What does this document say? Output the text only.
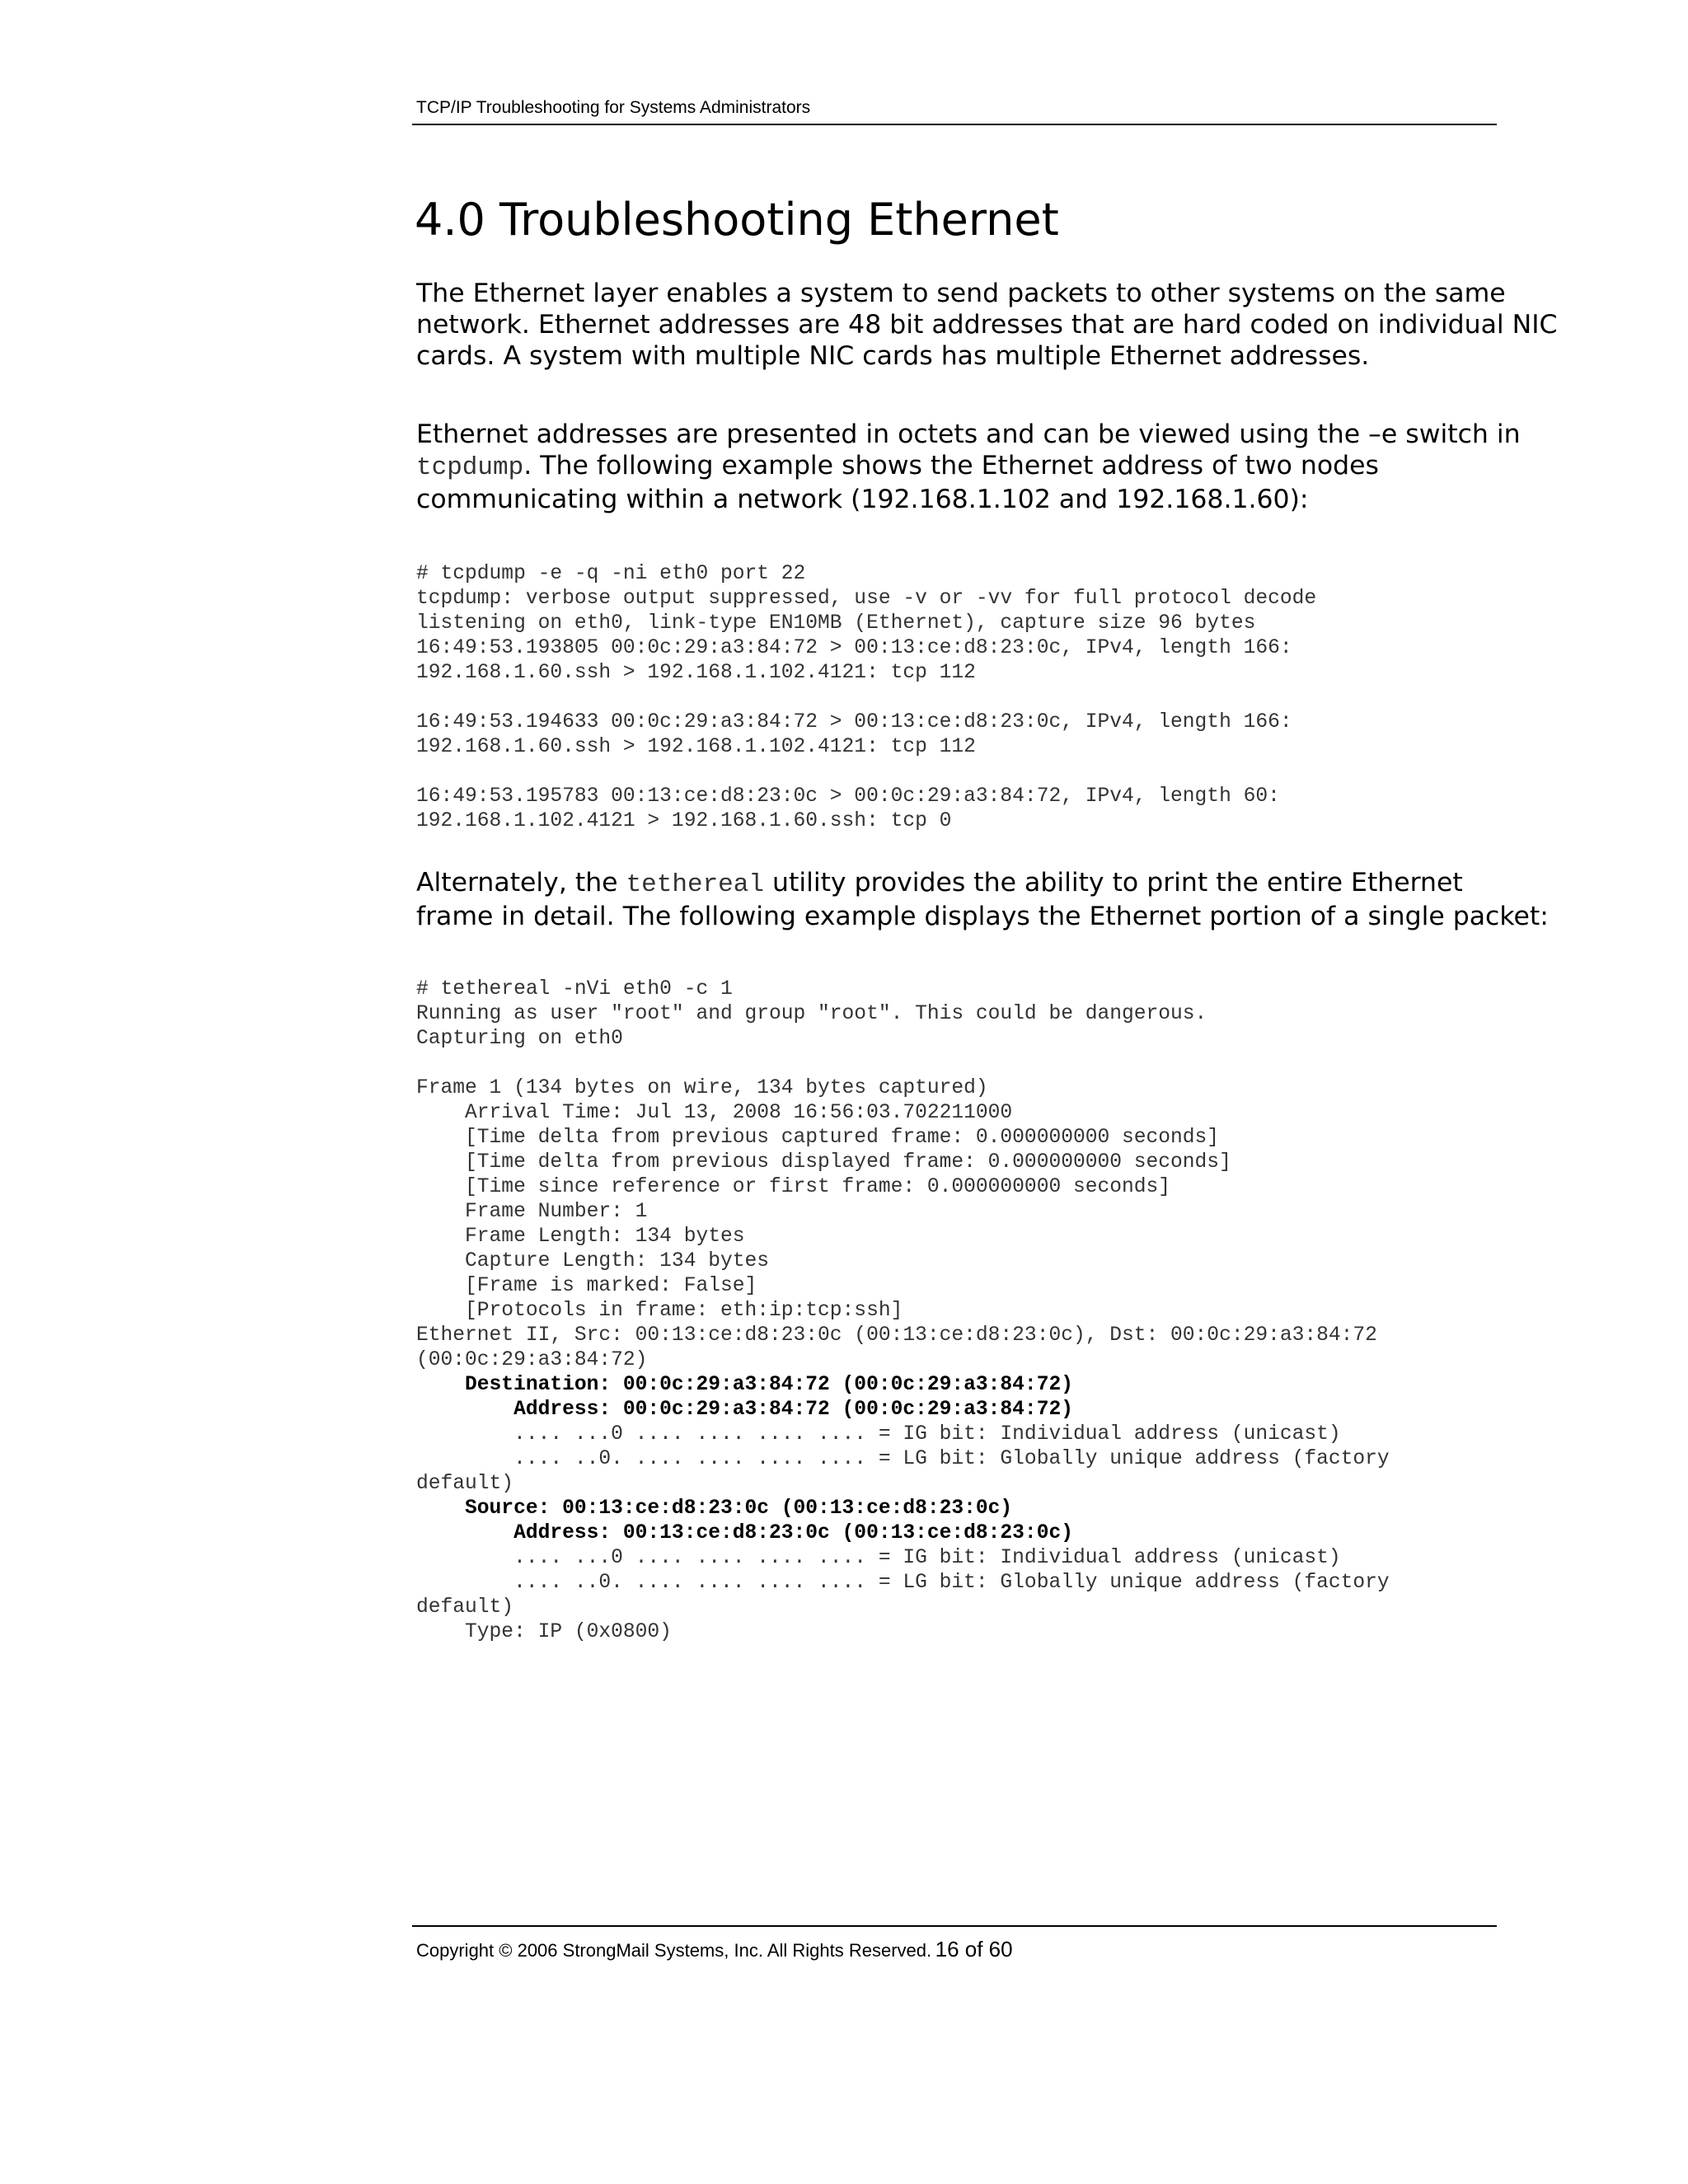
TCP/IP Troubleshooting for Systems Administrators
4.0 Troubleshooting Ethernet

The Ethernet layer enables a system to send packets to other systems on the same
network. Ethernet addresses are 48 bit addresses that are hard coded on individual NIC
cards. A system with multiple NIC cards has multiple Ethernet addresses.

Ethernet addresses are presented in octets and can be viewed using the –e switch in
tcpdump. The following example shows the Ethernet address of two nodes
communicating within a network (192.168.1.102 and 192.168.1.60):

# tcpdump -e -q -ni eth0 port 22
tcpdump: verbose output suppressed, use -v or -vv for full protocol decode
listening on eth0, link-type EN10MB (Ethernet), capture size 96 bytes
16:49:53.193805 00:0c:29:a3:84:72 > 00:13:ce:d8:23:0c, IPv4, length 166:
192.168.1.60.ssh > 192.168.1.102.4121: tcp 112
16:49:53.194633 00:0c:29:a3:84:72 > 00:13:ce:d8:23:0c, IPv4, length 166:
192.168.1.60.ssh > 192.168.1.102.4121: tcp 112
16:49:53.195783 00:13:ce:d8:23:0c > 00:0c:29:a3:84:72, IPv4, length 60:
192.168.1.102.4121 > 192.168.1.60.ssh: tcp 0

Alternately, the tethereal utility provides the ability to print the entire Ethernet
frame in detail. The following example displays the Ethernet portion of a single packet:

# tethereal -nVi eth0 -c 1
Running as user "root" and group "root". This could be dangerous.
Capturing on eth0
Frame 1 (134 bytes on wire, 134 bytes captured)
Arrival Time: Jul 13, 2008 16:56:03.702211000
[Time delta from previous captured frame: 0.000000000 seconds]
[Time delta from previous displayed frame: 0.000000000 seconds]
[Time since reference or first frame: 0.000000000 seconds]
Frame Number: 1
Frame Length: 134 bytes
Capture Length: 134 bytes
[Frame is marked: False]
[Protocols in frame: eth:ip:tcp:ssh]
Ethernet II, Src: 00:13:ce:d8:23:0c (00:13:ce:d8:23:0c), Dst: 00:0c:29:a3:84:72
(00:0c:29:a3:84:72)
Destination: 00:0c:29:a3:84:72 (00:0c:29:a3:84:72)
Address: 00:0c:29:a3:84:72 (00:0c:29:a3:84:72)
.... ...0 .... .... .... .... = IG bit: Individual address (unicast)
.... ..0. .... .... .... .... = LG bit: Globally unique address (factory
default)
Source: 00:13:ce:d8:23:0c (00:13:ce:d8:23:0c)
Address: 00:13:ce:d8:23:0c (00:13:ce:d8:23:0c)
.... ...0 .... .... .... .... = IG bit: Individual address (unicast)
.... ..0. .... .... .... .... = LG bit: Globally unique address (factory
default)
Type: IP (0x0800)
Copyright © 2006 StrongMail Systems, Inc. All Rights Reserved. 16 of 60
